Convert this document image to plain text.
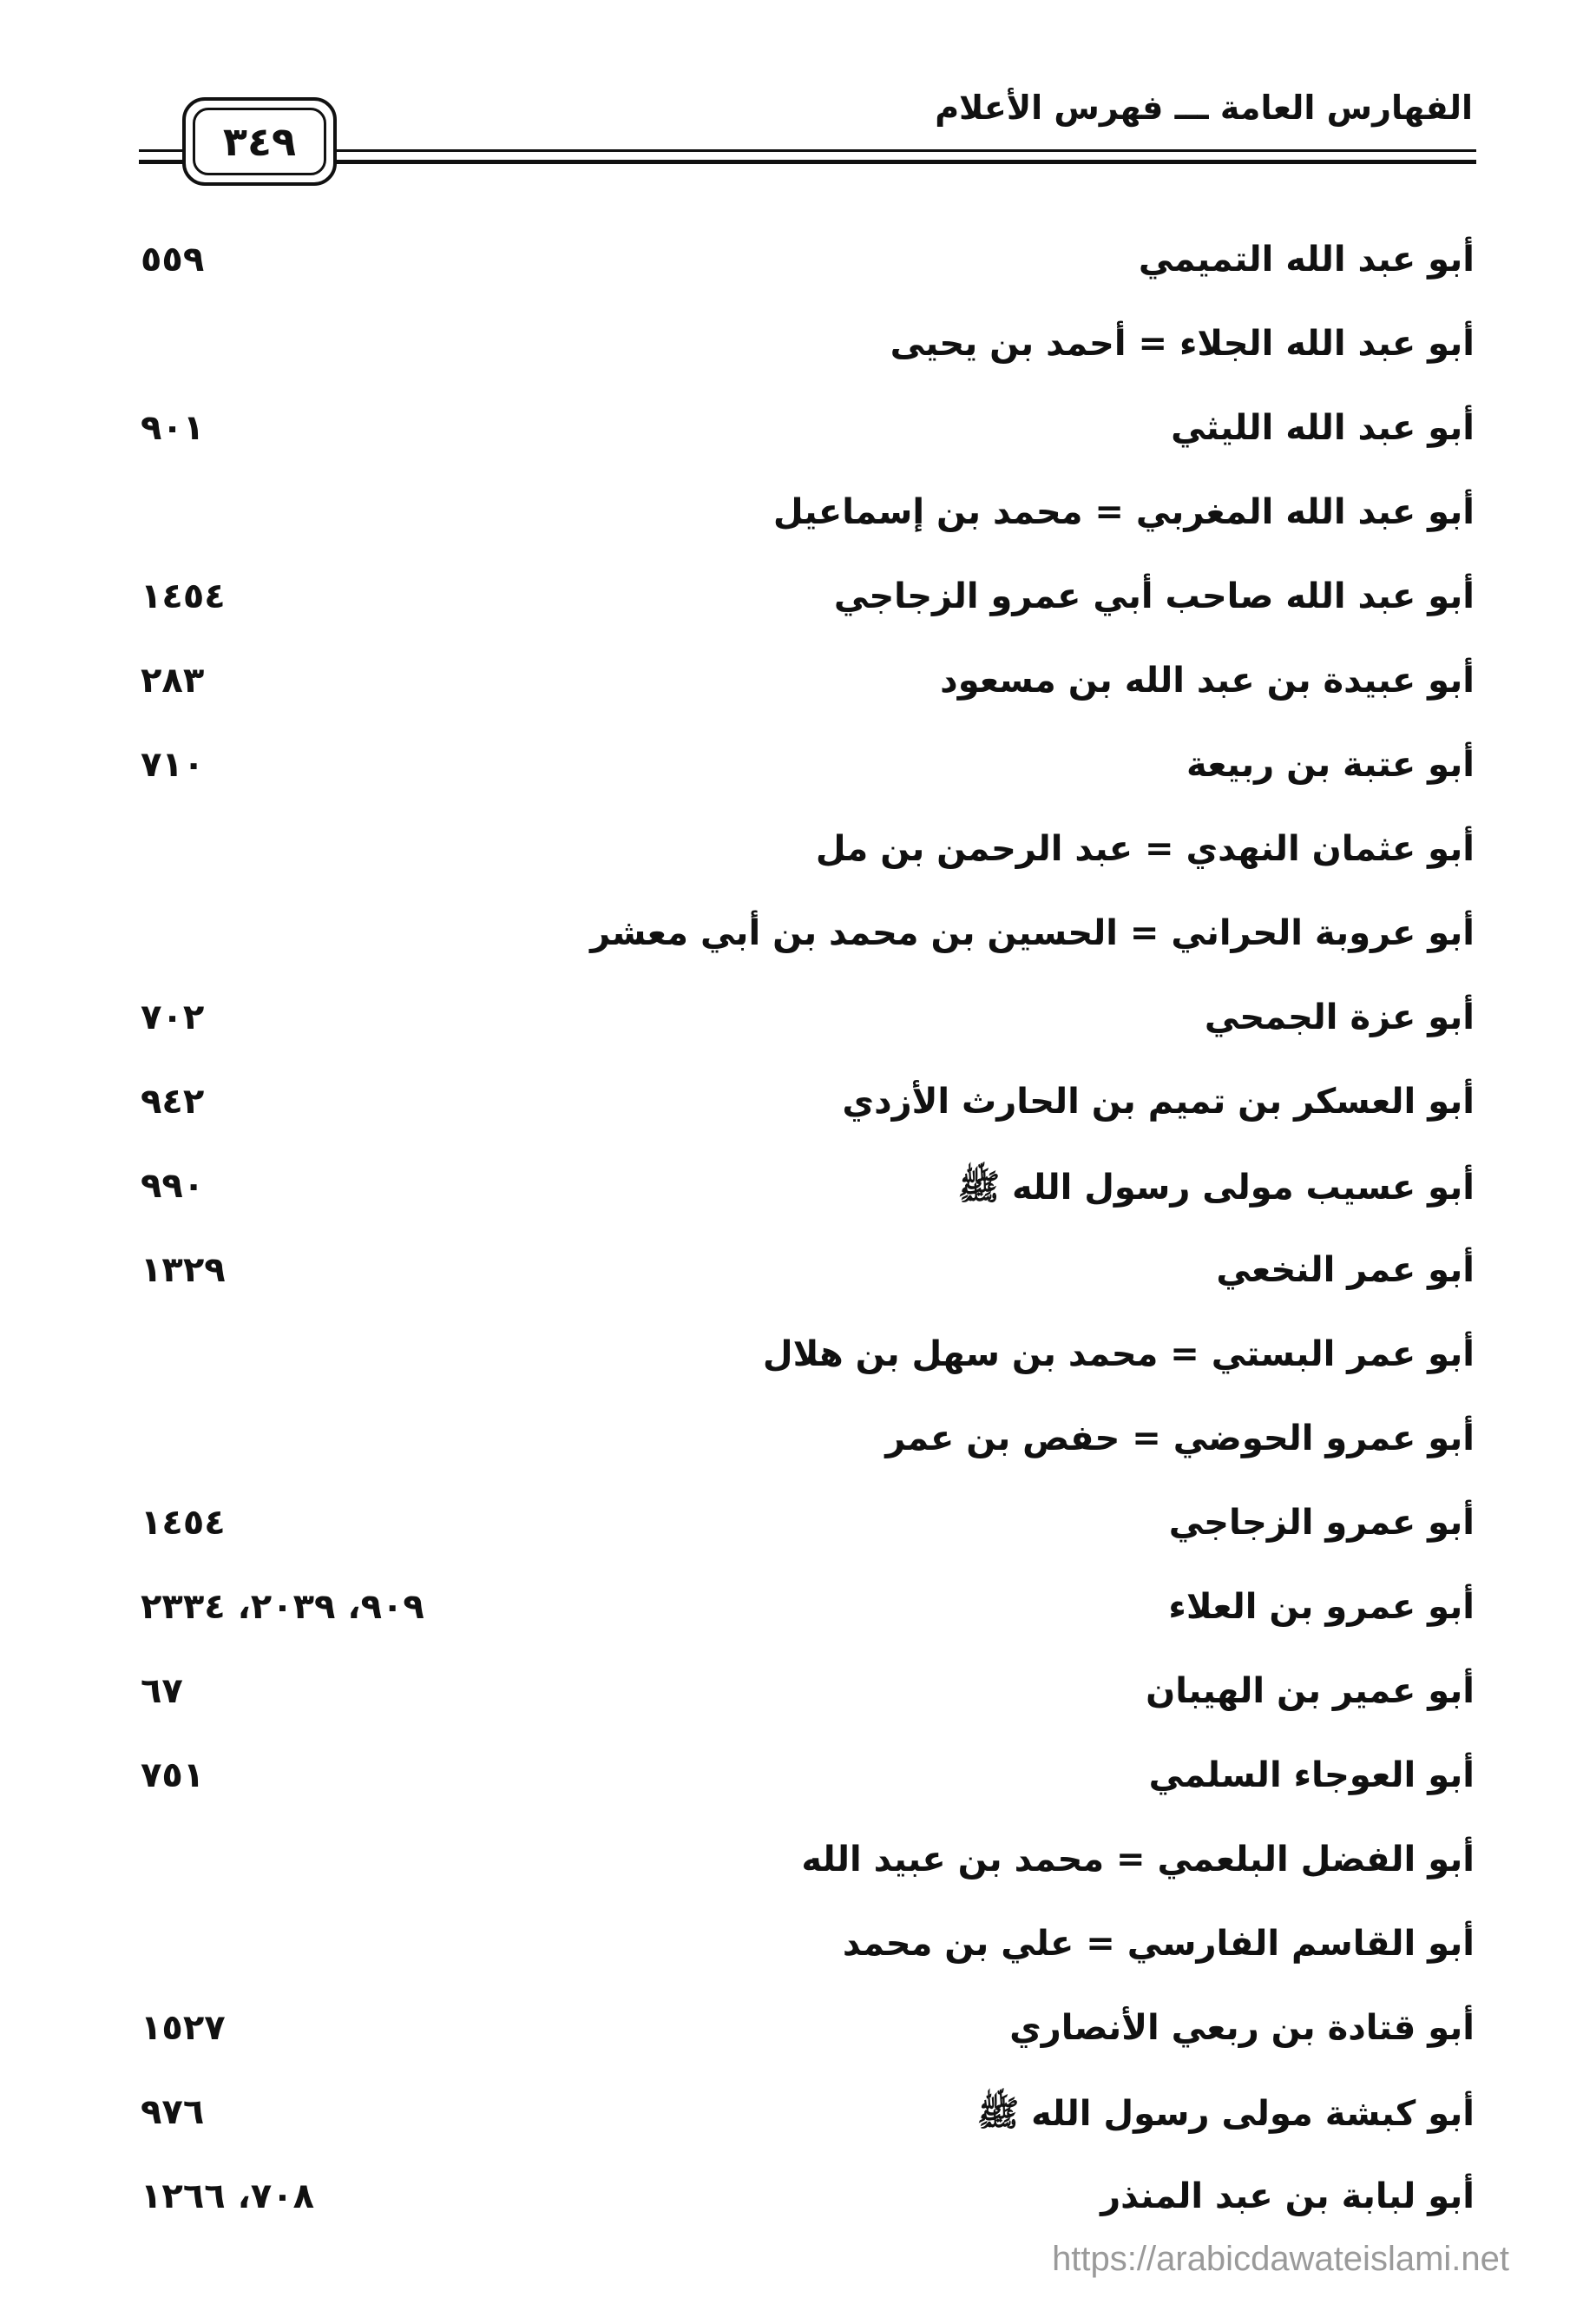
الفهارس العامة ـــ فهرس الأعلام
٣٤٩
أبو عبد الله التميمي
٥٥٩
أبو عبد الله الجلاء = أحمد بن يحيى
أبو عبد الله الليثي
٩٠١
أبو عبد الله المغربي = محمد بن إسماعيل
أبو عبد الله صاحب أبي عمرو الزجاجي
١٤٥٤
أبو عبيدة بن عبد الله بن مسعود
٢٨٣
أبو عتبة بن ربيعة
٧١٠
أبو عثمان النهدي = عبد الرحمن بن مل
أبو عروبة الحراني = الحسين بن محمد بن أبي معشر
أبو عزة الجمحي
٧٠٢
أبو العسكر بن تميم بن الحارث الأزدي
٩٤٢
أبو عسيب مولى رسول الله ﷺ
٩٩٠
أبو عمر النخعي
١٣٢٩
أبو عمر البستي = محمد بن سهل بن هلال
أبو عمرو الحوضي = حفص بن عمر
أبو عمرو الزجاجي
١٤٥٤
أبو عمرو بن العلاء
٩٠٩، ٢٠٣٩، ٢٣٣٤
أبو عمير بن الهيبان
٦٧
أبو العوجاء السلمي
٧٥١
أبو الفضل البلعمي = محمد بن عبيد الله
أبو القاسم الفارسي = علي بن محمد
أبو قتادة بن ربعي الأنصاري
١٥٢٧
أبو كبشة مولى رسول الله ﷺ
٩٧٦
أبو لبابة بن عبد المنذر
٧٠٨، ١٢٦٦
https://arabicdawateislami.net
